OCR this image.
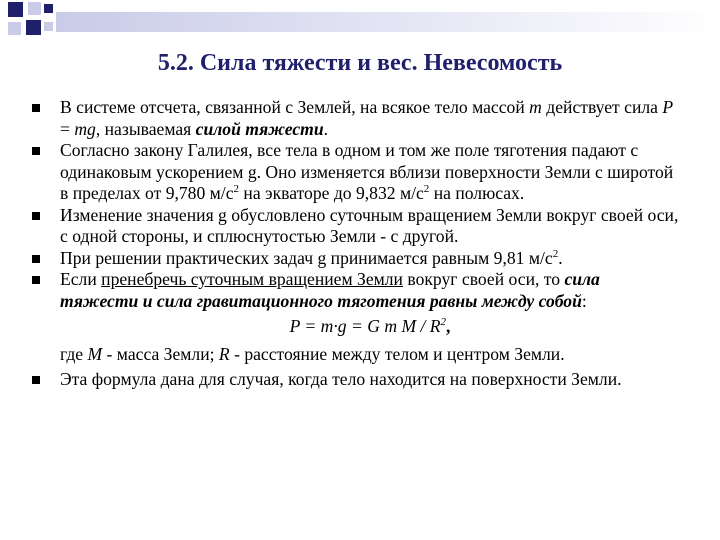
5.2. Сила тяжести и вес. Невесомость
В системе отсчета, связанной с Землей, на всякое тело массой m действует сила P = mg, называемая силой тяжести.
Согласно закону Галилея, все тела в одном и том же поле тяготения падают с одинаковым ускорением g. Оно изменяется вблизи поверхности Земли с широтой в пределах от 9,780 $м/с^2$ на экваторе до 9,832 $м/с^2$ на полюсах.
Изменение значения g обусловлено суточным вращением Земли вокруг своей оси, с одной стороны, и сплюснутостью Земли - с другой.
При решении практических задач g принимается равным 9,81 $м/с^2$.
Если пренебречь суточным вращением Земли вокруг своей оси, то сила тяжести и сила гравитационного тяготения равны между собой:
P = m·g = G m M / $R^2$,
где M - масса Земли; R - расстояние между телом и центром Земли.
Эта формула дана для случая, когда тело находится на поверхности Земли.
